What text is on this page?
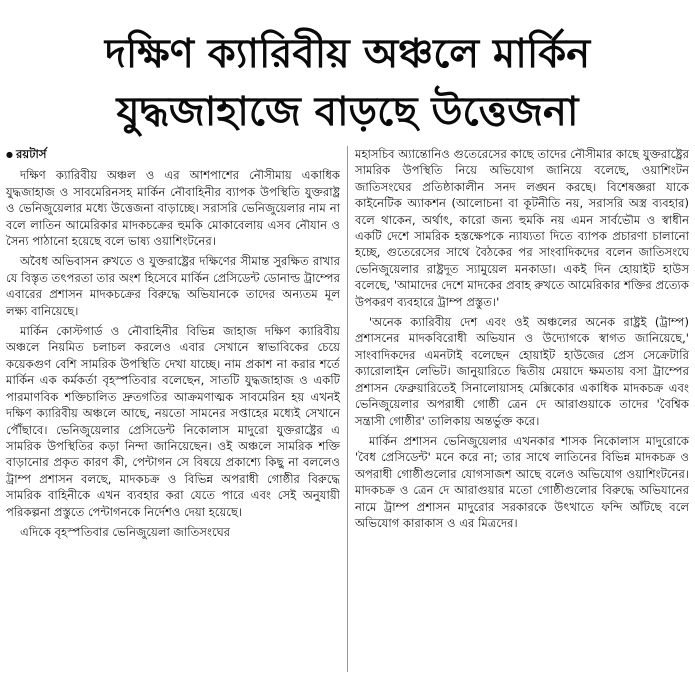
দক্ষিণ ক্যারিবীয় অঞ্চলে মার্কিন
যুদ্ধজাহাজে বাড়ছে উত্তেজনা

● রয়টার্স

দক্ষিণ ক্যারিবীয় অঞ্চল ও এর আশপাশের নৌসীমায় একাধিক যুদ্ধজাহাজ ও সাবমেরিনসহ মার্কিন নৌবাহিনীর ব্যাপক উপস্থিতি যুক্তরাষ্ট্র ও ভেনিজুয়েলার মধ্যে উত্তেজনা বাড়াচ্ছে। সরাসরি ভেনিজুয়েলার নাম না বলে লাতিন আমেরিকার মাদকচক্রের হুমকি মোকাবেলায় এসব নৌযান ও সৈন্য পাঠানো হয়েছে বলে ভাষ্য ওয়াশিংটনের।

অবৈধ অভিবাসন রুখতে ও যুক্তরাষ্ট্রের দক্ষিণের সীমান্ত সুরক্ষিত রাখার যে বিস্তৃত তৎপরতা তার অংশ হিসেবে মার্কিন প্রেসিডেন্ট ডোনাল্ড ট্রাম্পের এবারের প্রশাসন মাদকচক্রের বিরুদ্ধে অভিযানকে তাদের অন্যতম মূল লক্ষ্য বানিয়েছে।

মার্কিন কোস্টগার্ড ও নৌবাহিনীর বিভিন্ন জাহাজ দক্ষিণ ক্যারিবীয় অঞ্চলে নিয়মিত চলাচল করলেও এবার সেখানে স্বাভাবিকের চেয়ে কয়েকগুণ বেশি সামরিক উপস্থিতি দেখা যাচ্ছে। নাম প্রকাশ না করার শর্তে মার্কিন এক কর্মকর্তা বৃহস্পতিবার বলেছেন, সাতটি যুদ্ধজাহাজ ও একটি পারমাণবিক শক্তিচালিত দ্রুতগতির আক্রমণাত্মক সাবমেরিন হয় এখনই দক্ষিণ ক্যারিবীয় অঞ্চলে আছে, নয়তো সামনের সপ্তাহের মধ্যেই সেখানে পৌঁছাবে। ভেনিজুয়েলার প্রেসিডেন্ট নিকোলাস মাদুরো যুক্তরাষ্ট্রের এ সামরিক উপস্থিতির কড়া নিন্দা জানিয়েছেন। ওই অঞ্চলে সামরিক শক্তি বাড়ানোর প্রকৃত কারণ কী, পেন্টাগন সে বিষয়ে প্রকাশ্যে কিছু না বললেও ট্রাম্প প্রশাসন বলছে, মাদকচক্র ও বিভিন্ন অপরাধী গোষ্ঠীর বিরুদ্ধে সামরিক বাহিনীকে এখন ব্যবহার করা যেতে পারে এবং সেই অনুযায়ী পরিকল্পনা প্রস্তুতে পেন্টাগনকে নির্দেশও দেয়া হয়েছে।

এদিকে বৃহস্পতিবার ভেনিজুয়েলা জাতিসংঘের

মহাসচিব অ্যান্তোনিও গুতেরেসের কাছে তাদের নৌসীমার কাছে যুক্তরাষ্ট্রের সামরিক উপস্থিতি নিয়ে অভিযোগ জানিয়ে বলেছে, ওয়াশিংটন জাতিসংঘের প্রতিষ্ঠাকালীন সনদ লঙ্ঘন করছে। বিশেষজ্ঞরা যাকে কাইনেটিক অ্যাকশন (আলোচনা বা কূটনীতি নয়, সরাসরি অস্ত্র ব্যবহার) বলে থাকেন, অর্থাৎ, কারো জন্য হুমকি নয় এমন সার্বভৌম ও স্বাধীন একটি দেশে সামরিক হস্তক্ষেপকে ন্যায্যতা দিতে ব্যাপক প্রচারণা চালানো হচ্ছে, গুতেরেসের সাথে বৈঠকের পর সাংবাদিকদের বলেন জাতিসংঘে ভেনিজুয়েলার রাষ্ট্রদূত স্যামুয়েল মনকাডা। একই দিন হোয়াইট হাউস বলেছে, 'আমাদের দেশে মাদকের প্রবাহ রুখতে আমেরিকার শক্তির প্রত্যেক উপকরণ ব্যবহারে ট্রাম্প প্রস্তুত।'

'অনেক ক্যারিবীয় দেশ এবং ওই অঞ্চলের অনেক রাষ্ট্রই (ট্রাম্প) প্রশাসনের মাদকবিরোধী অভিযান ও উদ্যোগকে স্বাগত জানিয়েছে,' সাংবাদিকদের এমনটাই বলেছেন হোয়াইট হাউজের প্রেস সেক্রেটারি ক্যারোলাইন লেভিট। জানুয়ারিতে দ্বিতীয় মেয়াদে ক্ষমতায় বসা ট্রাম্পের প্রশাসন ফেব্রুয়ারিতেই সিনালোয়াসহ মেক্সিকোর একাধিক মাদকচক্র এবং ভেনিজুয়েলার অপরাধী গোষ্ঠী ত্রেন দে আরাগুয়াকে তাদের 'বৈশ্বিক সন্ত্রাসী গোষ্ঠীর' তালিকায় অন্তর্ভুক্ত করে।

মার্কিন প্রশাসন ভেনিজুয়েলার এখনকার শাসক নিকোলাস মাদুরোকে 'বৈধ প্রেসিডেন্ট' মনে করে না; তার সাথে লাতিনের বিভিন্ন মাদকচক্র ও অপরাধী গোষ্ঠীগুলোর যোগসাজশ আছে বলেও অভিযোগ ওয়াশিংটনের। মাদকচক্র ও ত্রেন দে আরাগুয়ার মতো গোষ্ঠীগুলোর বিরুদ্ধে অভিযানের নামে ট্রাম্প প্রশাসন মাদুরোর সরকারকে উৎখাতে ফন্দি আঁটছে বলে অভিযোগ কারাকাস ও এর মিত্রদের।
